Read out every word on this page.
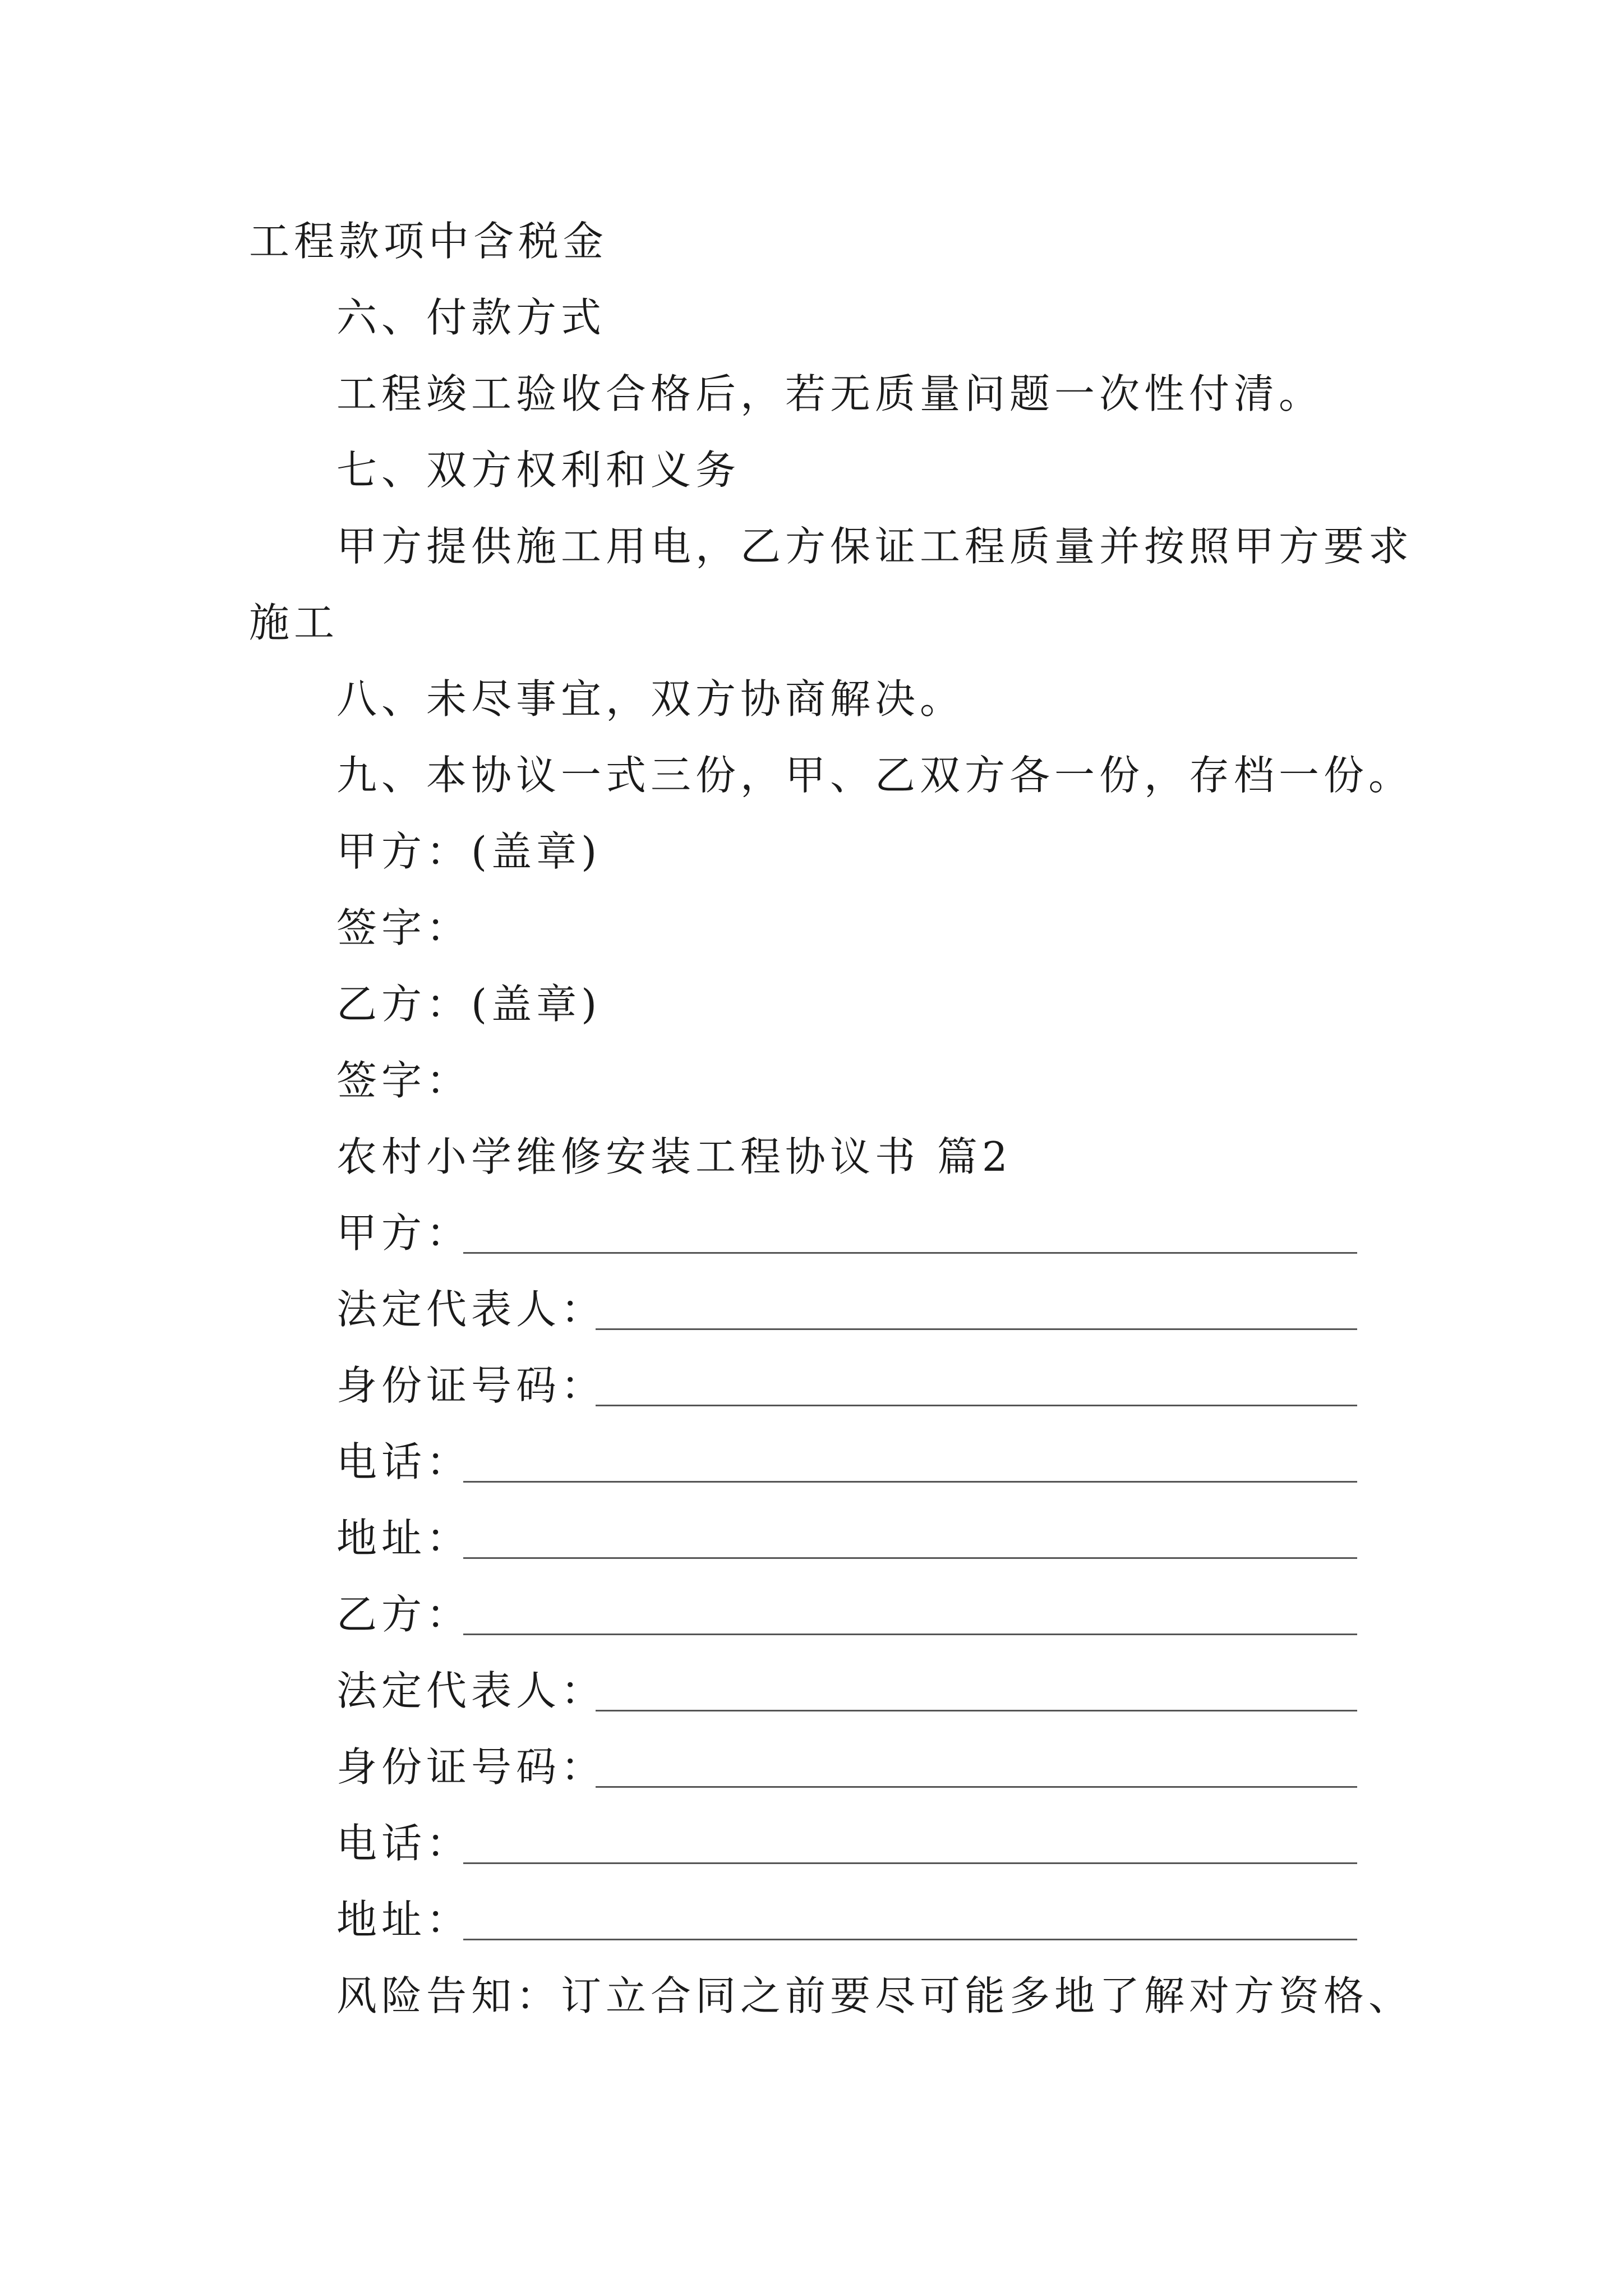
工程款项中含税金
六、付款方式
工程竣工验收合格后，若无质量问题一次性付清。
七、双方权利和义务
甲方提供施工用电，乙方保证工程质量并按照甲方要求
施工
八、未尽事宜，双方协商解决。
九、本协议一式三份，甲、乙双方各一份，存档一份。
甲方：(盖章)
签字：
乙方：(盖章)
签字：
农村小学维修安装工程协议书 篇2
甲方：
法定代表人：
身份证号码：
电话：
地址：
乙方：
法定代表人：
身份证号码：
电话：
地址：
风险告知：订立合同之前要尽可能多地了解对方资格、
